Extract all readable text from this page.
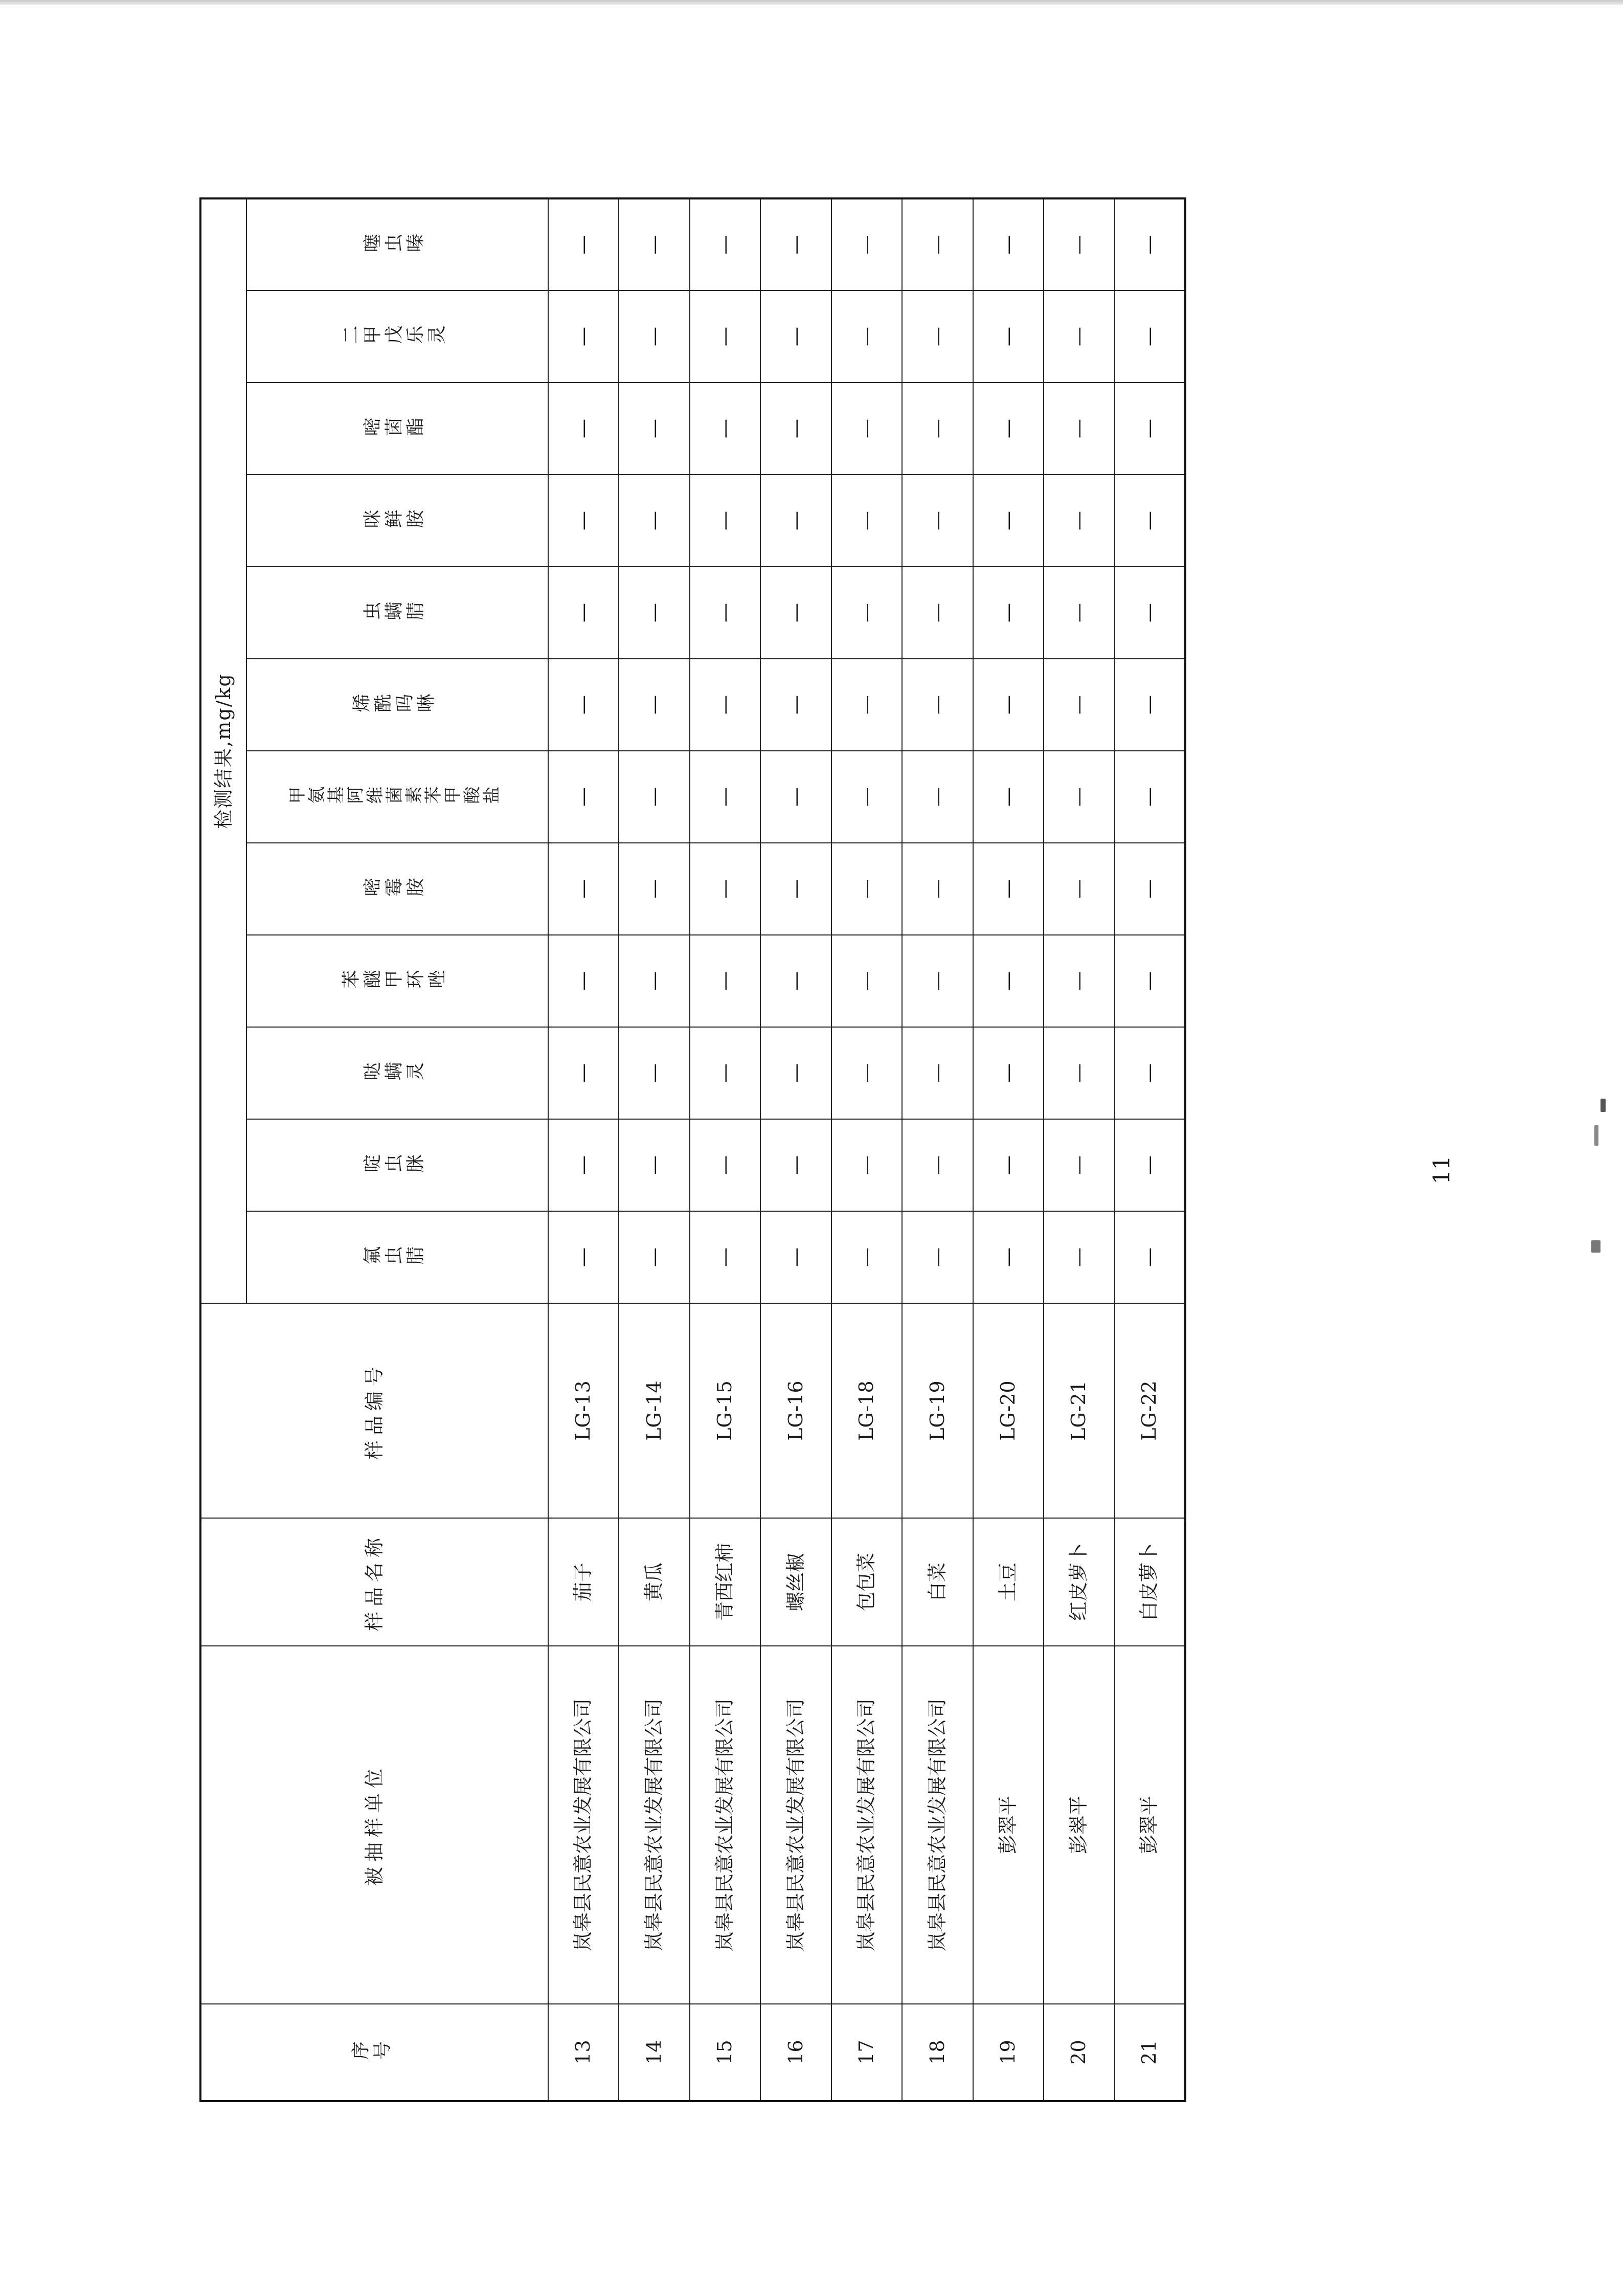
序号	被抽样单位	样品名称	样品编号	检测结果,mg/kg											
				氟虫腈	啶虫脒	哒螨灵	苯醚甲环唑	嘧霉胺	甲氨基阿维菌素苯甲酸盐	烯酰吗啉	虫螨腈	咪鲜胺	嘧菌酯	二甲戊乐灵	噻虫嗪
13	岚皋县民意农业发展有限公司	茄子	LG-13	—	—	—	—	—	—	—	—	—	—	—	—
14	岚皋县民意农业发展有限公司	黄瓜	LG-14	—	—	—	—	—	—	—	—	—	—	—	—
15	岚皋县民意农业发展有限公司	青西红柿	LG-15	—	—	—	—	—	—	—	—	—	—	—	—
16	岚皋县民意农业发展有限公司	螺丝椒	LG-16	—	—	—	—	—	—	—	—	—	—	—	—
17	岚皋县民意农业发展有限公司	包包菜	LG-18	—	—	—	—	—	—	—	—	—	—	—	—
18	岚皋县民意农业发展有限公司	白菜	LG-19	—	—	—	—	—	—	—	—	—	—	—	—
19	彭翠平	土豆	LG-20	—	—	—	—	—	—	—	—	—	—	—	—
20	彭翠平	红皮萝卜	LG-21	—	—	—	—	—	—	—	—	—	—	—	—
21	彭翠平	白皮萝卜	LG-22	—	—	—	—	—	—	—	—	—	—	—	—
11
